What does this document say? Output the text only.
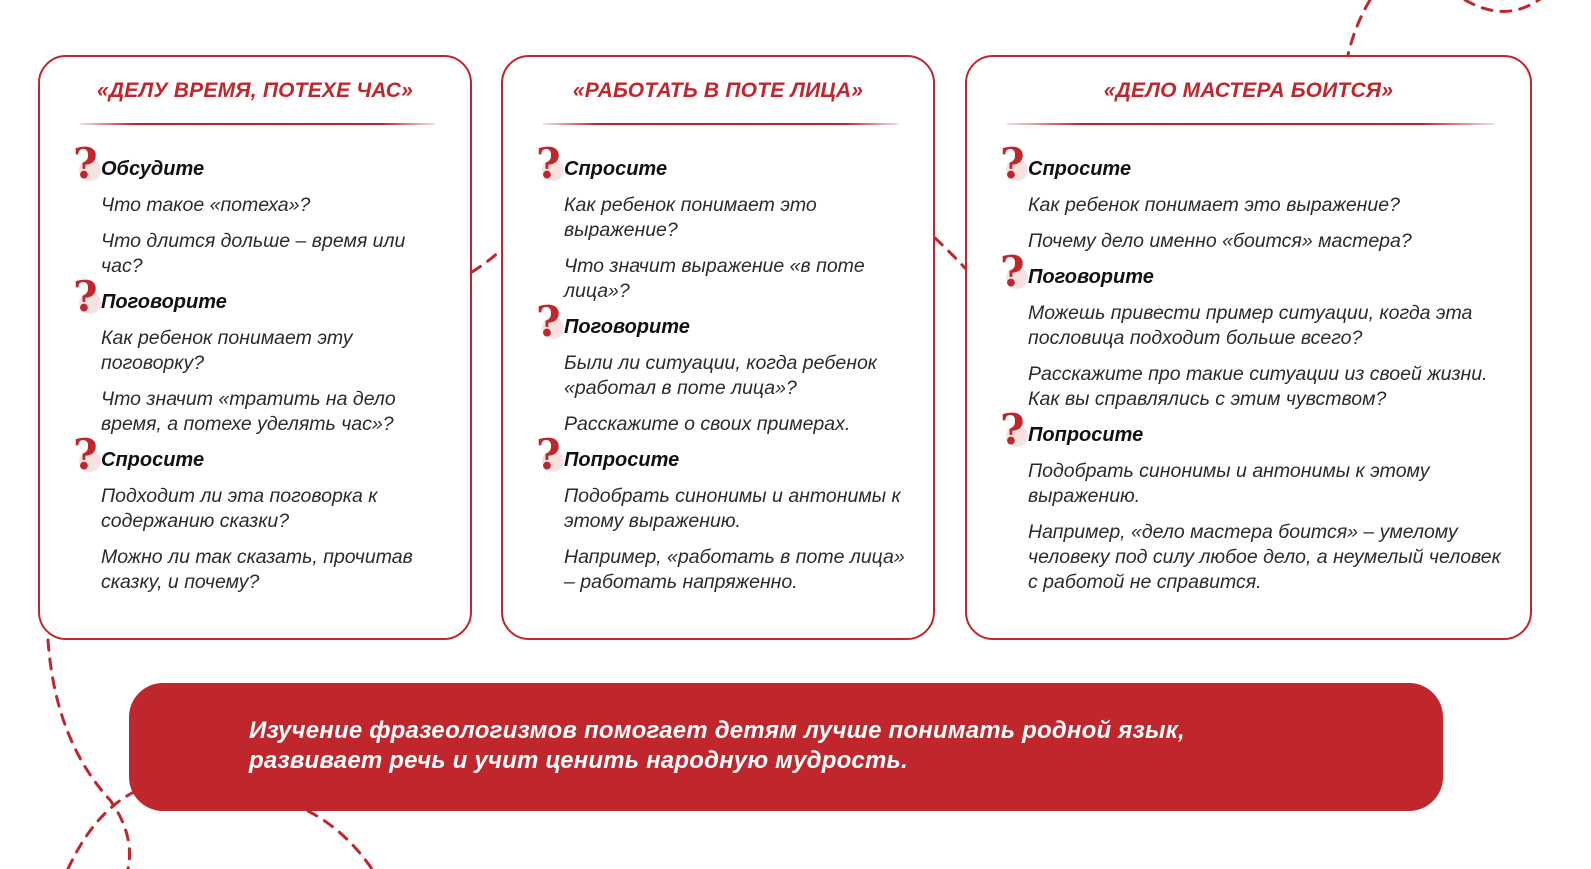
«ДЕЛУ ВРЕМЯ, ПОТЕХЕ ЧАС»
? Обсудите
Что такое «потеха»?
Что длится дольше – время или час?
? Поговорите
Как ребенок понимает эту поговорку?
Что значит «тратить на дело время, а потехе уделять час»?
? Спросите
Подходит ли эта поговорка к содержанию сказки?
Можно ли так сказать, прочитав сказку, и почему?
«РАБОТАТЬ В ПОТЕ ЛИЦА»
? Спросите
Как ребенок понимает это выражение?
Что значит выражение «в поте лица»?
? Поговорите
Были ли ситуации, когда ребенок «работал в поте лица»?
Расскажите о своих примерах.
? Попросите
Подобрать синонимы и антонимы к этому выражению.
Например, «работать в поте лица» – работать напряженно.
«ДЕЛО МАСТЕРА БОИТСЯ»
? Спросите
Как ребенок понимает это выражение?
Почему дело именно «боится» мастера?
? Поговорите
Можешь привести пример ситуации, когда эта пословица подходит больше всего?
Расскажите про такие ситуации из своей жизни. Как вы справлялись с этим чувством?
? Попросите
Подобрать синонимы и антонимы к этому выражению.
Например, «дело мастера боится» – умелому человеку под силу любое дело, а неумелый человек с работой не справится.
Изучение фразеологизмов помогает детям лучше понимать родной язык,
развивает речь и учит ценить народную мудрость.
